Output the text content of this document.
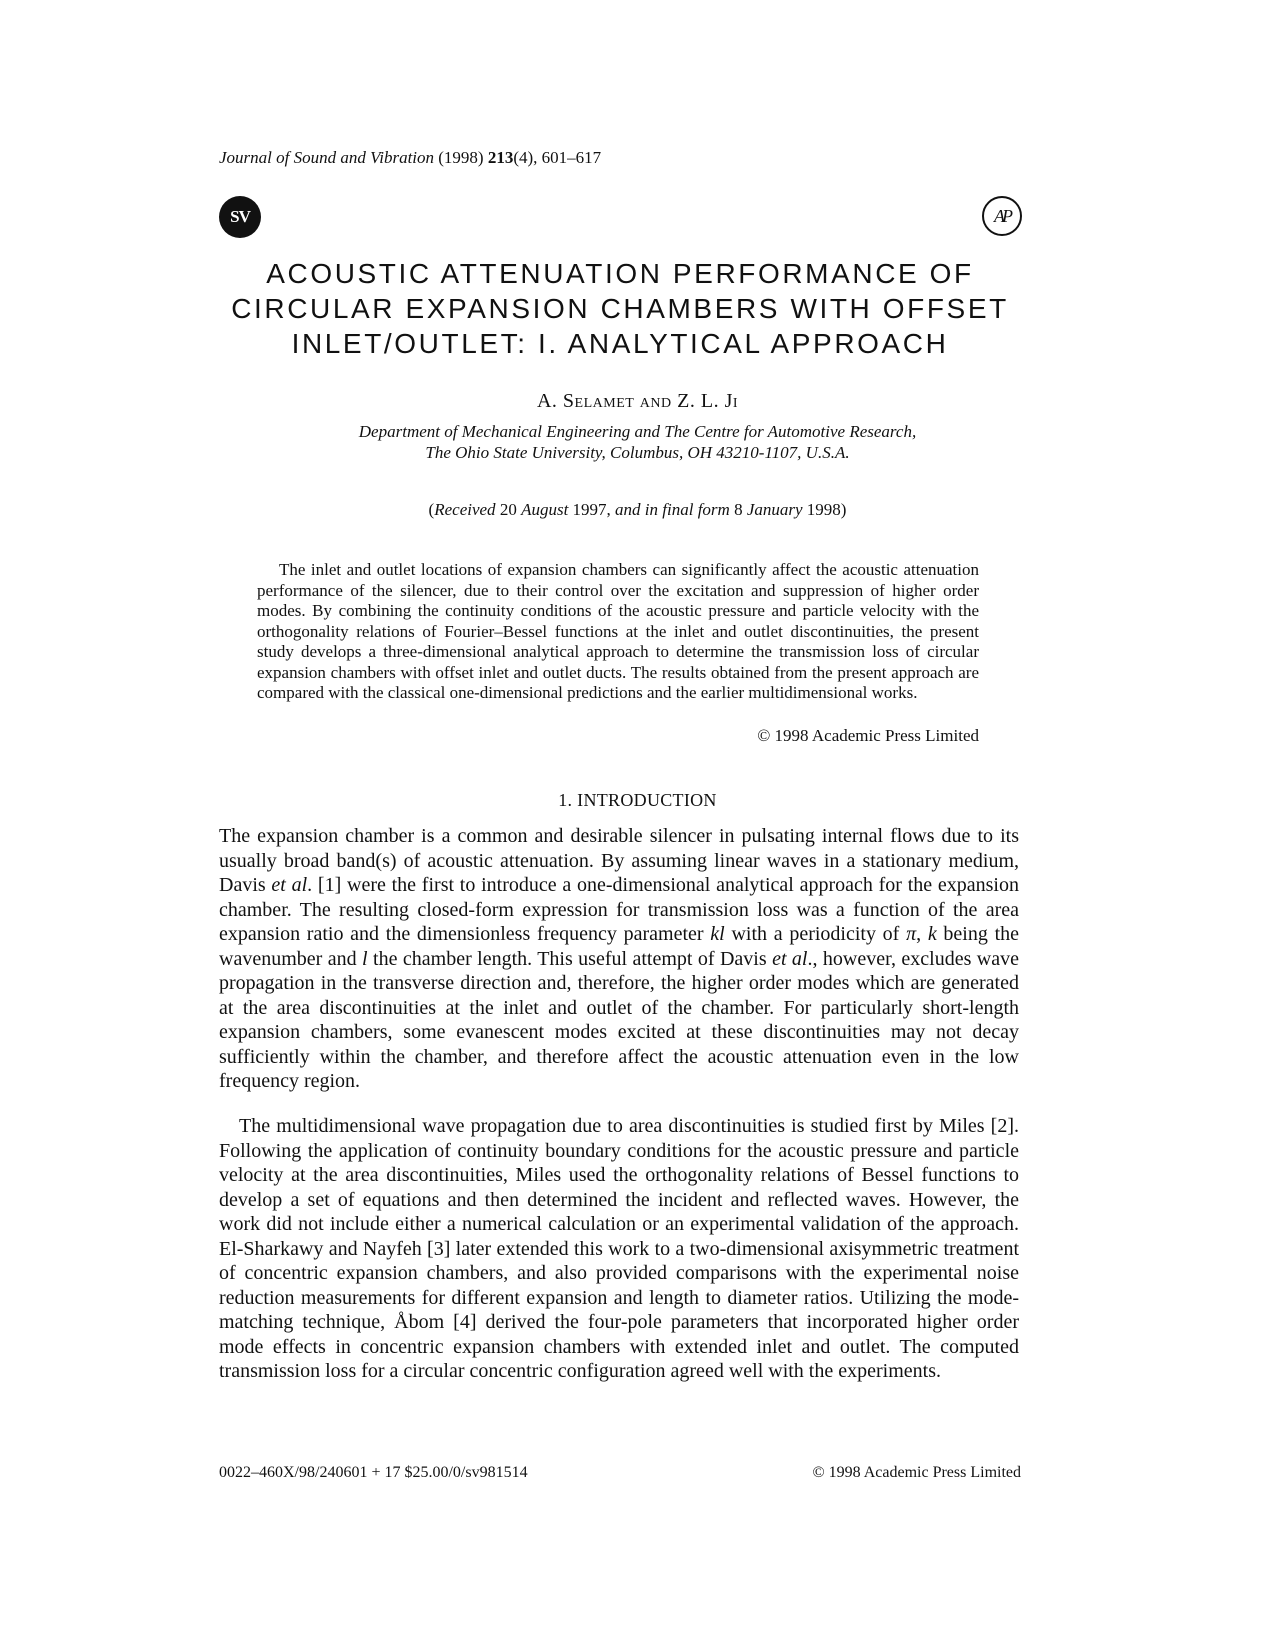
Journal of Sound and Vibration (1998) 213(4), 601–617
SV	AP
ACOUSTIC ATTENUATION PERFORMANCE OF
CIRCULAR EXPANSION CHAMBERS WITH OFFSET
INLET/OUTLET: I. ANALYTICAL APPROACH
A. Selamet and Z. L. Ji
Department of Mechanical Engineering and The Centre for Automotive Research,
The Ohio State University, Columbus, OH 43210-1107, U.S.A.
(Received 20 August 1997, and in final form 8 January 1998)

The inlet and outlet locations of expansion chambers can significantly affect the acoustic attenuation performance of the silencer, due to their control over the excitation and suppression of higher order modes. By combining the continuity conditions of the acoustic pressure and particle velocity with the orthogonality relations of Fourier–Bessel functions at the inlet and outlet discontinuities, the present study develops a three-dimensional analytical approach to determine the transmission loss of circular expansion chambers with offset inlet and outlet ducts. The results obtained from the present approach are compared with the classical one-dimensional predictions and the earlier multidimensional works.

© 1998 Academic Press Limited
1. INTRODUCTION

The expansion chamber is a common and desirable silencer in pulsating internal flows due to its usually broad band(s) of acoustic attenuation. By assuming linear waves in a stationary medium, Davis et al. [1] were the first to introduce a one-dimensional analytical approach for the expansion chamber. The resulting closed-form expression for transmission loss was a function of the area expansion ratio and the dimensionless frequency parameter kl with a periodicity of π, k being the wavenumber and l the chamber length. This useful attempt of Davis et al., however, excludes wave propagation in the transverse direction and, therefore, the higher order modes which are generated at the area discontinuities at the inlet and outlet of the chamber. For particularly short-length expansion chambers, some evanescent modes excited at these discontinuities may not decay sufficiently within the chamber, and therefore affect the acoustic attenuation even in the low frequency region.

The multidimensional wave propagation due to area discontinuities is studied first by Miles [2]. Following the application of continuity boundary conditions for the acoustic pressure and particle velocity at the area discontinuities, Miles used the orthogonality relations of Bessel functions to develop a set of equations and then determined the incident and reflected waves. However, the work did not include either a numerical calculation or an experimental validation of the approach. El-Sharkawy and Nayfeh [3] later extended this work to a two-dimensional axisymmetric treatment of concentric expansion chambers, and also provided comparisons with the experimental noise reduction measurements for different expansion and length to diameter ratios. Utilizing the mode-matching technique, Åbom [4] derived the four-pole parameters that incorporated higher order mode effects in concentric expansion chambers with extended inlet and outlet. The computed transmission loss for a circular concentric configuration agreed well with the experiments.

0022–460X/98/240601 + 17 $25.00/0/sv981514	© 1998 Academic Press Limited
